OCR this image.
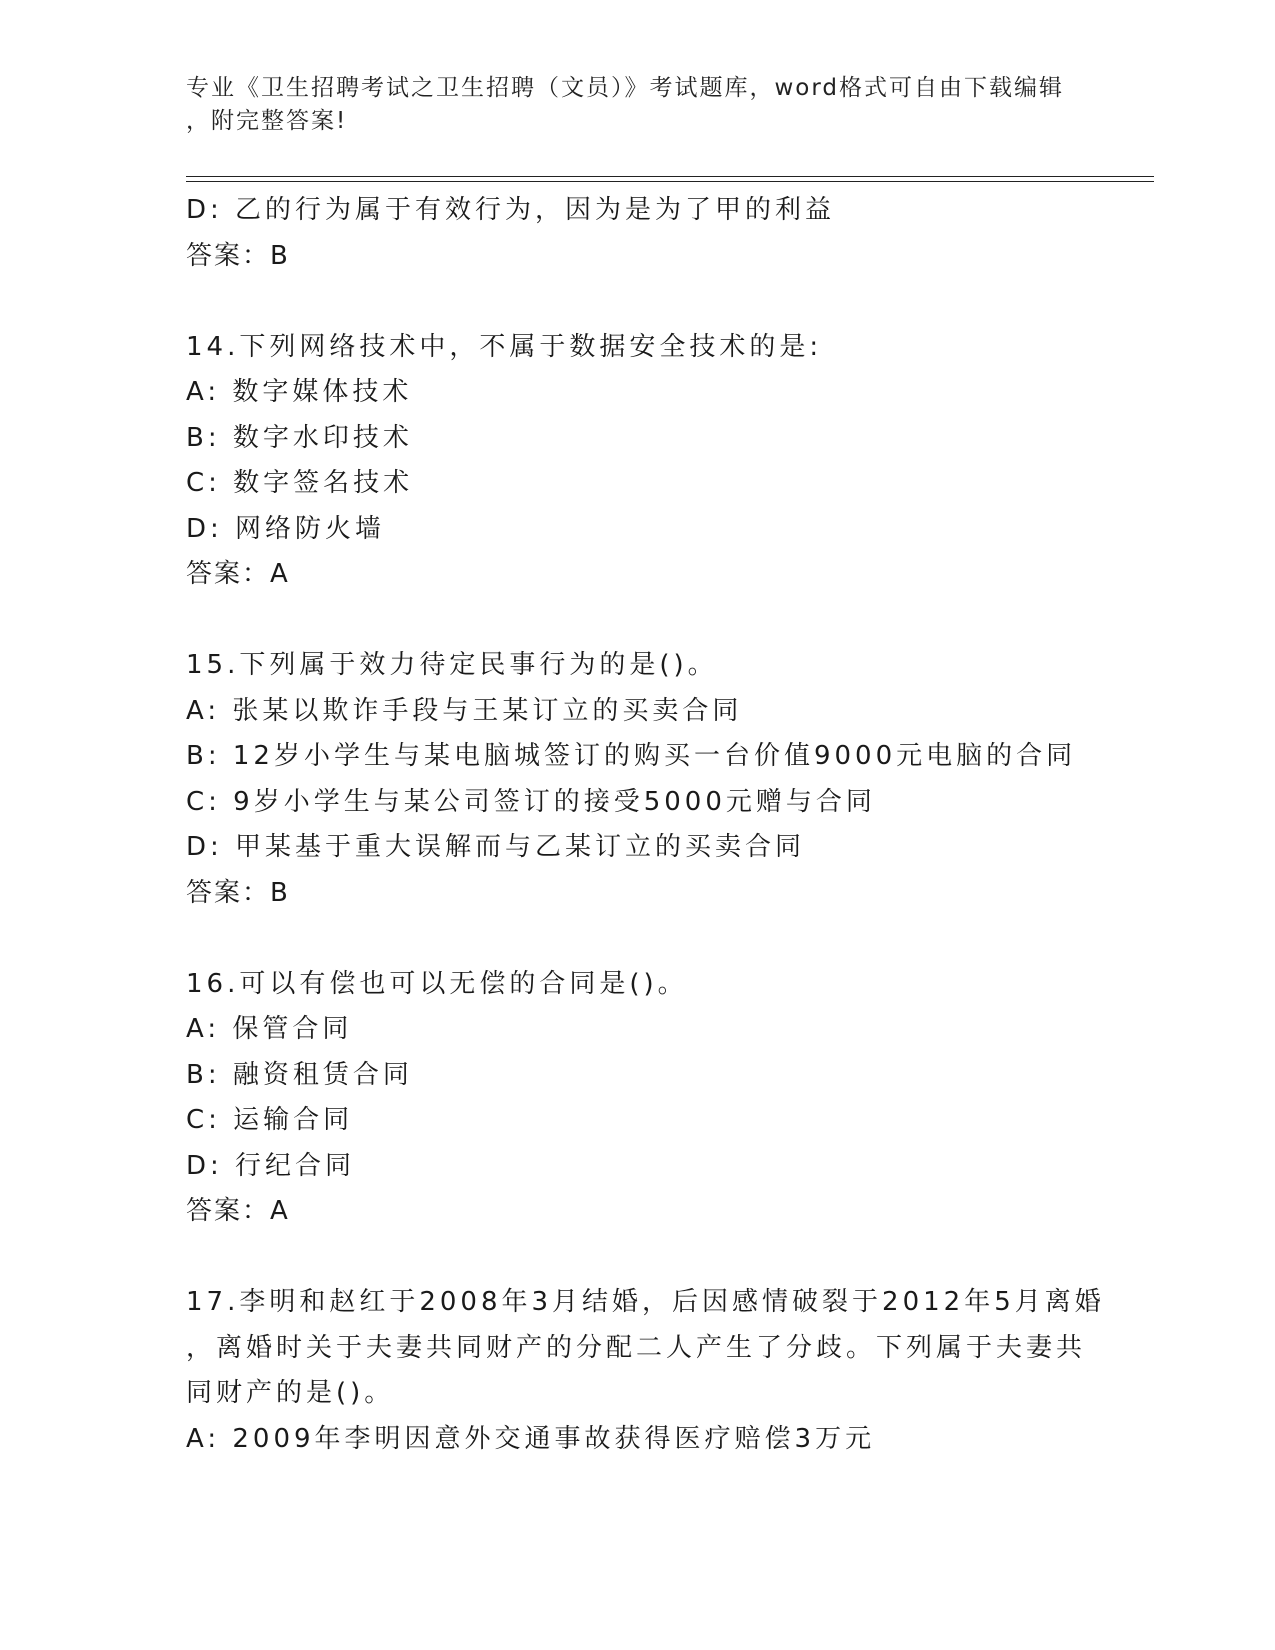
专业《卫生招聘考试之卫生招聘（文员）》考试题库，word格式可自由下载编辑
，附完整答案!
D: 乙的行为属于有效行为，因为是为了甲的利益
答案：B
14.下列网络技术中，不属于数据安全技术的是:
A: 数字媒体技术
B: 数字水印技术
C: 数字签名技术
D: 网络防火墙
答案：A
15.下列属于效力待定民事行为的是()。
A: 张某以欺诈手段与王某订立的买卖合同
B: 12岁小学生与某电脑城签订的购买一台价值9000元电脑的合同
C: 9岁小学生与某公司签订的接受5000元赠与合同
D: 甲某基于重大误解而与乙某订立的买卖合同
答案：B
16.可以有偿也可以无偿的合同是()。
A: 保管合同
B: 融资租赁合同
C: 运输合同
D: 行纪合同
答案：A
17.李明和赵红于2008年3月结婚，后因感情破裂于2012年5月离婚
，离婚时关于夫妻共同财产的分配二人产生了分歧。下列属于夫妻共
同财产的是()。
A: 2009年李明因意外交通事故获得医疗赔偿3万元
